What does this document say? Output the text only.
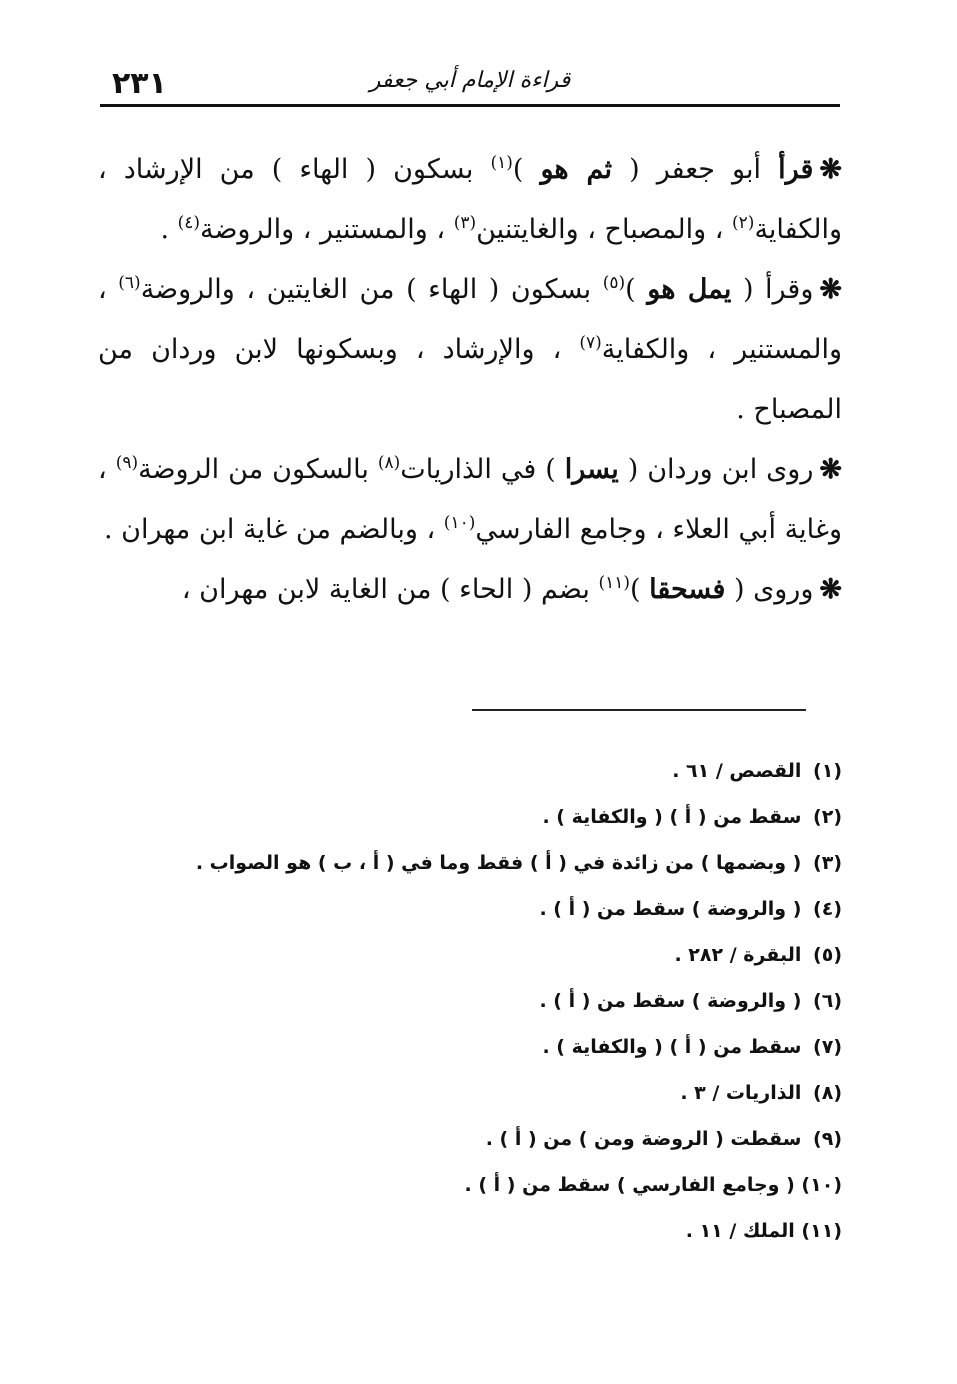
٢٣١	قراءة الإمام أبي جعفر

❋قرأ أبو جعفر ( ثم هو )$^{(١)}$ بسكون ( الهاء ) من الإرشاد ، والكفاية$^{(٢)}$ ، والمصباح ، والغايتنين$^{(٣)}$ ، والمستنير ، والروضة$^{(٤)}$ .

❋وقرأ ( يمل هو )$^{(٥)}$ بسكون ( الهاء ) من الغايتين ، والروضة$^{(٦)}$ ، والمستنير ، والكفاية$^{(٧)}$ ، والإرشاد ، وبسكونها لابن وردان من المصباح .

❋روى ابن وردان ( يسرا ) في الذاريات$^{(٨)}$ بالسكون من الروضة$^{(٩)}$ ، وغاية أبي العلاء ، وجامع الفارسي$^{(١٠)}$ ، وبالضم من غاية ابن مهران .

❋وروى ( فسحقا )$^{(١١)}$ بضم ( الحاء ) من الغاية لابن مهران ،

(١) القصص / ٦١ .
(٢) سقط من ( أ ) ( والكفاية ) .
(٣) ( وبضمها ) من زائدة في ( أ ) فقط وما في ( أ ، ب ) هو الصواب .
(٤) ( والروضة ) سقط من ( أ ) .
(٥) البقرة / ٢٨٢ .
(٦) ( والروضة ) سقط من ( أ ) .
(٧) سقط من ( أ ) ( والكفاية ) .
(٨) الذاريات / ٣ .
(٩) سقطت ( الروضة ومن ) من ( أ ) .
(١٠) ( وجامع الفارسي ) سقط من ( أ ) .
(١١) الملك / ١١ .
